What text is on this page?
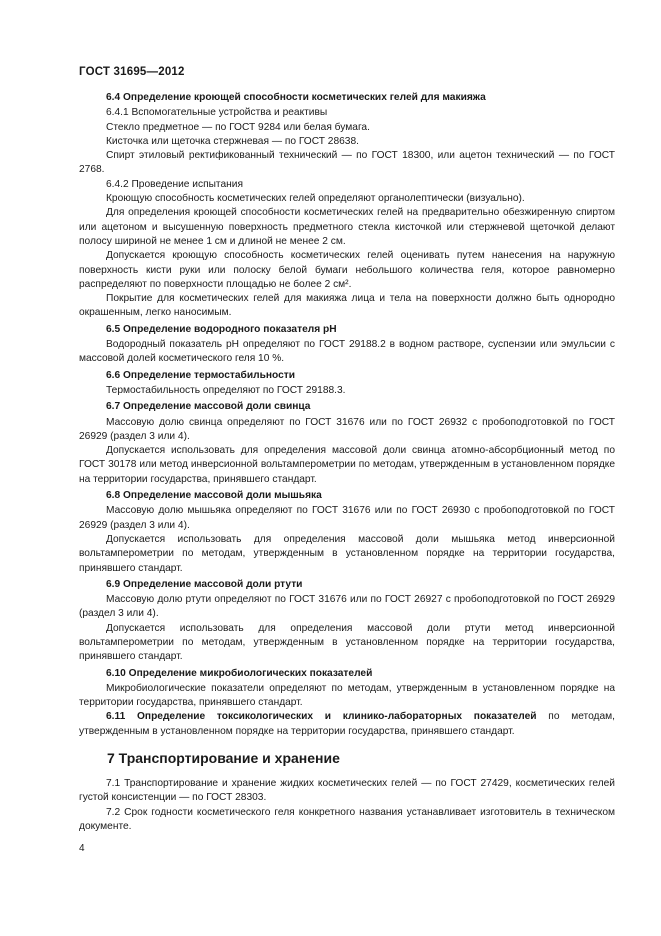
ГОСТ 31695—2012

6.4 Определение кроющей способности косметических гелей для макияжа

6.4.1 Вспомогательные устройства и реактивы

Стекло предметное — по ГОСТ 9284 или белая бумага.

Кисточка или щеточка стержневая — по ГОСТ 28638.

Спирт этиловый ректификованный технический — по ГОСТ 18300, или ацетон технический — по ГОСТ 2768.

6.4.2 Проведение испытания

Кроющую способность косметических гелей определяют органолептически (визуально).

Для определения кроющей способности косметических гелей на предварительно обезжиренную спиртом или ацетоном и высушенную поверхность предметного стекла кисточкой или стержневой щеточкой делают полосу шириной не менее 1 см и длиной не менее 2 см.

Допускается кроющую способность косметических гелей оценивать путем нанесения на наружную поверхность кисти руки или полоску белой бумаги небольшого количества геля, которое равномерно распределяют по поверхности площадью не более 2 см².

Покрытие для косметических гелей для макияжа лица и тела на поверхности должно быть однородно окрашенным, легко наносимым.

6.5 Определение водородного показателя pH

Водородный показатель pH определяют по ГОСТ 29188.2 в водном растворе, суспензии или эмульсии с массовой долей косметического геля 10 %.

6.6 Определение термостабильности

Термостабильность определяют по ГОСТ 29188.3.

6.7 Определение массовой доли свинца

Массовую долю свинца определяют по ГОСТ 31676 или по ГОСТ 26932 с пробоподготовкой по ГОСТ 26929 (раздел 3 или 4).

Допускается использовать для определения массовой доли свинца атомно-абсорбционный метод по ГОСТ 30178 или метод инверсионной вольтамперометрии по методам, утвержденным в установленном порядке на территории государства, принявшего стандарт.

6.8 Определение массовой доли мышьяка

Массовую долю мышьяка определяют по ГОСТ 31676 или по ГОСТ 26930 с пробоподготовкой по ГОСТ 26929 (раздел 3 или 4).

Допускается использовать для определения массовой доли мышьяка метод инверсионной вольтамперометрии по методам, утвержденным в установленном порядке на территории государства, принявшего стандарт.

6.9 Определение массовой доли ртути

Массовую долю ртути определяют по ГОСТ 31676 или по ГОСТ 26927 с пробоподготовкой по ГОСТ 26929 (раздел 3 или 4).

Допускается использовать для определения массовой доли ртути метод инверсионной вольтамперометрии по методам, утвержденным в установленном порядке на территории государства, принявшего стандарт.

6.10 Определение микробиологических показателей

Микробиологические показатели определяют по методам, утвержденным в установленном порядке на территории государства, принявшего стандарт.

6.11 Определение токсикологических и клинико-лабораторных показателей по методам, утвержденным в установленном порядке на территории государства, принявшего стандарт.

7 Транспортирование и хранение

7.1 Транспортирование и хранение жидких косметических гелей — по ГОСТ 27429, косметических гелей густой консистенции — по ГОСТ 28303.

7.2 Срок годности косметического геля конкретного названия устанавливает изготовитель в техническом документе.

4
